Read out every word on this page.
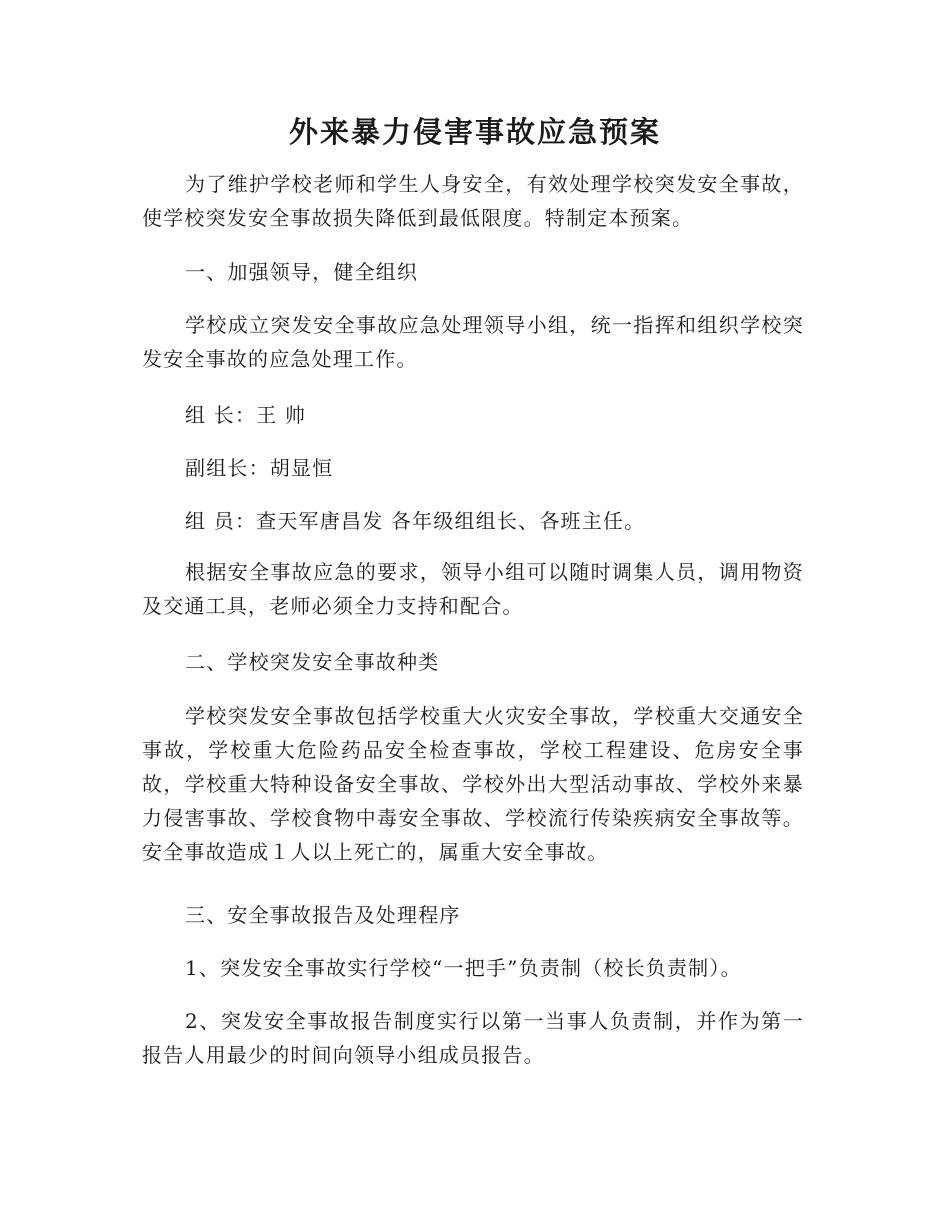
外来暴力侵害事故应急预案

为了维护学校老师和学生人身安全，有效处理学校突发安全事故，使学校突发安全事故损失降低到最低限度。特制定本预案。

一、加强领导，健全组织

学校成立突发安全事故应急处理领导小组，统一指挥和组织学校突发安全事故的应急处理工作。

组 长：王 帅

副组长：胡显恒

组 员：查天军唐昌发 各年级组组长、各班主任。

根据安全事故应急的要求，领导小组可以随时调集人员，调用物资及交通工具，老师必须全力支持和配合。

二、学校突发安全事故种类

学校突发安全事故包括学校重大火灾安全事故，学校重大交通安全事故，学校重大危险药品安全检查事故，学校工程建设、危房安全事故，学校重大特种设备安全事故、学校外出大型活动事故、学校外来暴力侵害事故、学校食物中毒安全事故、学校流行传染疾病安全事故等。安全事故造成１人以上死亡的，属重大安全事故。

三、安全事故报告及处理程序

1、突发安全事故实行学校“一把手”负责制（校长负责制）。

2、突发安全事故报告制度实行以第一当事人负责制，并作为第一报告人用最少的时间向领导小组成员报告。
